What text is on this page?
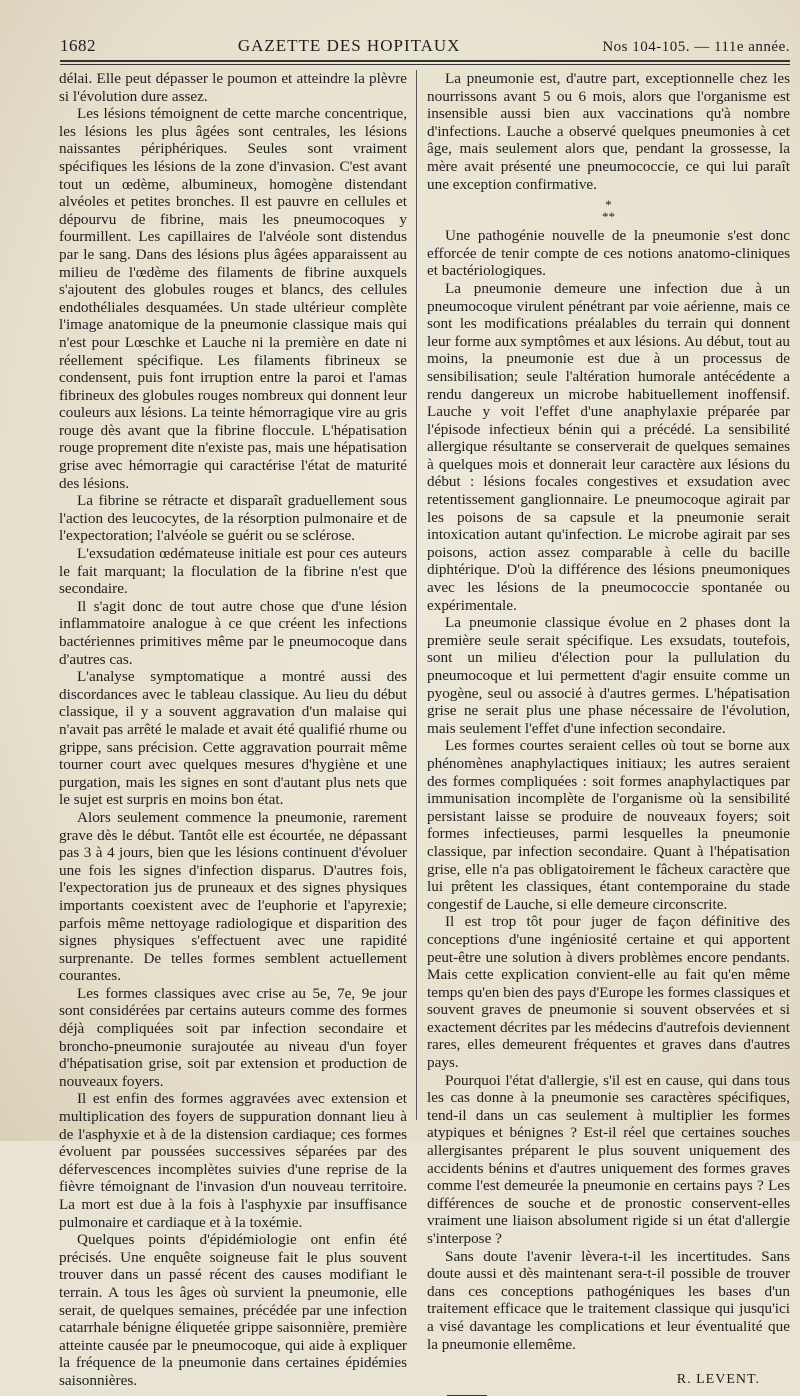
1682	GAZETTE DES HOPITAUX	Nos 104-105. — 111e année.

délai. Elle peut dépasser le poumon et atteindre la plèvre si l'évolution dure assez.

Les lésions témoignent de cette marche concentrique, les lésions les plus âgées sont centrales, les lésions naissantes périphériques. Seules sont vraiment spécifiques les lésions de la zone d'invasion. C'est avant tout un œdème, albumineux, homogène distendant alvéoles et petites bronches. Il est pauvre en cellules et dépourvu de fibrine, mais les pneumocoques y fourmillent. Les capillaires de l'alvéole sont distendus par le sang. Dans des lésions plus âgées apparaissent au milieu de l'œdème des filaments de fibrine auxquels s'ajoutent des globules rouges et blancs, des cellules endothéliales desquamées. Un stade ultérieur complète l'image anatomique de la pneumonie classique mais qui n'est pour Lœschke et Lauche ni la première en date ni réellement spécifique. Les filaments fibrineux se condensent, puis font irruption entre la paroi et l'amas fibrineux des globules rouges nombreux qui donnent leur couleurs aux lésions. La teinte hémorragique vire au gris rouge dès avant que la fibrine floccule. L'hépatisation rouge proprement dite n'existe pas, mais une hépatisation grise avec hémorragie qui caractérise l'état de maturité des lésions.

La fibrine se rétracte et disparaît graduellement sous l'action des leucocytes, de la résorption pulmonaire et de l'expectoration; l'alvéole se guérit ou se sclérose.

L'exsudation œdémateuse initiale est pour ces auteurs le fait marquant; la floculation de la fibrine n'est que secondaire.

Il s'agit donc de tout autre chose que d'une lésion inflammatoire analogue à ce que créent les infections bactériennes primitives même par le pneumocoque dans d'autres cas.

L'analyse symptomatique a montré aussi des discordances avec le tableau classique. Au lieu du début classique, il y a souvent aggravation d'un malaise qui n'avait pas arrêté le malade et avait été qualifié rhume ou grippe, sans précision. Cette aggravation pourrait même tourner court avec quelques mesures d'hygiène et une purgation, mais les signes en sont d'autant plus nets que le sujet est surpris en moins bon état.

Alors seulement commence la pneumonie, rarement grave dès le début. Tantôt elle est écourtée, ne dépassant pas 3 à 4 jours, bien que les lésions continuent d'évoluer une fois les signes d'infection disparus. D'autres fois, l'expectoration jus de pruneaux et des signes physiques importants coexistent avec de l'euphorie et l'apyrexie; parfois même nettoyage radiologique et disparition des signes physiques s'effectuent avec une rapidité surprenante. De telles formes semblent actuellement courantes.

Les formes classiques avec crise au 5e, 7e, 9e jour sont considérées par certains auteurs comme des formes déjà compliquées soit par infection secondaire et broncho-pneumonie surajoutée au niveau d'un foyer d'hépatisation grise, soit par extension et production de nouveaux foyers.

Il est enfin des formes aggravées avec extension et multiplication des foyers de suppuration donnant lieu à de l'asphyxie et à de la distension cardiaque; ces formes évoluent par poussées successives séparées par des défervescences incomplètes suivies d'une reprise de la fièvre témoignant de l'invasion d'un nouveau territoire. La mort est due à la fois à l'asphyxie par insuffisance pulmonaire et cardiaque et à la toxémie.

Quelques points d'épidémiologie ont enfin été précisés. Une enquête soigneuse fait le plus souvent trouver dans un passé récent des causes modifiant le terrain. A tous les âges où survient la pneumonie, elle serait, de quelques semaines, précédée par une infection catarrhale bénigne éliquetée grippe saisonnière, première atteinte causée par le pneumocoque, qui aide à expliquer la fréquence de la pneumonie dans certaines épidémies saisonnières.

La pneumonie est, d'autre part, exceptionnelle chez les nourrissons avant 5 ou 6 mois, alors que l'organisme est insensible aussi bien aux vaccinations qu'à nombre d'infections. Lauche a observé quelques pneumonies à cet âge, mais seulement alors que, pendant la grossesse, la mère avait présenté une pneumococcie, ce qui lui paraît une exception confirmative.

*
**

Une pathogénie nouvelle de la pneumonie s'est donc efforcée de tenir compte de ces notions anatomo-cliniques et bactériologiques.

La pneumonie demeure une infection due à un pneumocoque virulent pénétrant par voie aérienne, mais ce sont les modifications préalables du terrain qui donnent leur forme aux symptômes et aux lésions. Au début, tout au moins, la pneumonie est due à un processus de sensibilisation; seule l'altération humorale antécédente a rendu dangereux un microbe habituellement inoffensif. Lauche y voit l'effet d'une anaphylaxie préparée par l'épisode infectieux bénin qui a précédé. La sensibilité allergique résultante se conserverait de quelques semaines à quelques mois et donnerait leur caractère aux lésions du début : lésions focales congestives et exsudation avec retentissement ganglionnaire. Le pneumocoque agirait par les poisons de sa capsule et la pneumonie serait intoxication autant qu'infection. Le microbe agirait par ses poisons, action assez comparable à celle du bacille diphtérique. D'où la différence des lésions pneumoniques avec les lésions de la pneumococcie spontanée ou expérimentale.

La pneumonie classique évolue en 2 phases dont la première seule serait spécifique. Les exsudats, toutefois, sont un milieu d'élection pour la pullulation du pneumocoque et lui permettent d'agir ensuite comme un pyogène, seul ou associé à d'autres germes. L'hépatisation grise ne serait plus une phase nécessaire de l'évolution, mais seulement l'effet d'une infection secondaire.

Les formes courtes seraient celles où tout se borne aux phénomènes anaphylactiques initiaux; les autres seraient des formes compliquées : soit formes anaphylactiques par immunisation incomplète de l'organisme où la sensibilité persistant laisse se produire de nouveaux foyers; soit formes infectieuses, parmi lesquelles la pneumonie classique, par infection secondaire. Quant à l'hépatisation grise, elle n'a pas obligatoirement le fâcheux caractère que lui prêtent les classiques, étant contemporaine du stade congestif de Lauche, si elle demeure circonscrite.

Il est trop tôt pour juger de façon définitive des conceptions d'une ingéniosité certaine et qui apportent peut-être une solution à divers problèmes encore pendants. Mais cette explication convient-elle au fait qu'en même temps qu'en bien des pays d'Europe les formes classiques et souvent graves de pneumonie si souvent observées et si exactement décrites par les médecins d'autrefois deviennent rares, elles demeurent fréquentes et graves dans d'autres pays.

Pourquoi l'état d'allergie, s'il est en cause, qui dans tous les cas donne à la pneumonie ses caractères spécifiques, tend-il dans un cas seulement à multiplier les formes atypiques et bénignes ? Est-il réel que certaines souches allergisantes préparent le plus souvent uniquement des accidents bénins et d'autres uniquement des formes graves comme l'est demeurée la pneumonie en certains pays ? Les différences de souche et de pronostic conservent-elles vraiment une liaison absolument rigide si un état d'allergie s'interpose ?

Sans doute l'avenir lèvera-t-il les incertitudes. Sans doute aussi et dès maintenant sera-t-il possible de trouver dans ces conceptions pathogéniques les bases d'un traitement efficace que le traitement classique qui jusqu'ici a visé davantage les complications et leur éventualité que la pneumonie ellemême.

R. LEVENT.
